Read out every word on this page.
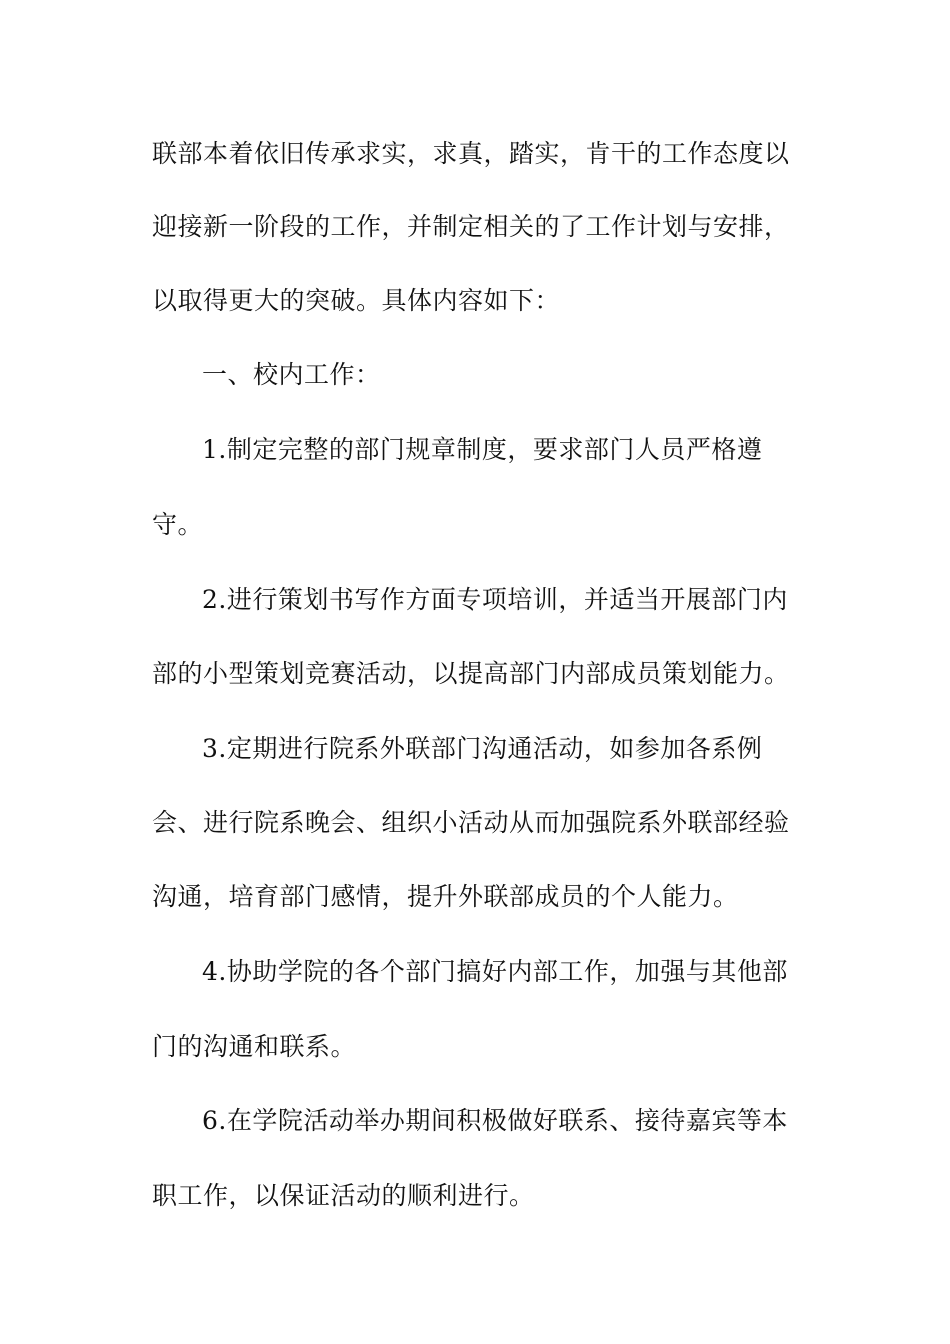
联部本着依旧传承求实，求真，踏实，肯干的工作态度以
迎接新一阶段的工作，并制定相关的了工作计划与安排，
以取得更大的突破。具体内容如下：
一、校内工作：
1.制定完整的部门规章制度，要求部门人员严格遵
守。
2.进行策划书写作方面专项培训，并适当开展部门内
部的小型策划竞赛活动，以提高部门内部成员策划能力。
3.定期进行院系外联部门沟通活动，如参加各系例
会、进行院系晚会、组织小活动从而加强院系外联部经验
沟通，培育部门感情，提升外联部成员的个人能力。
4.协助学院的各个部门搞好内部工作，加强与其他部
门的沟通和联系。
6.在学院活动举办期间积极做好联系、接待嘉宾等本
职工作，以保证活动的顺利进行。
